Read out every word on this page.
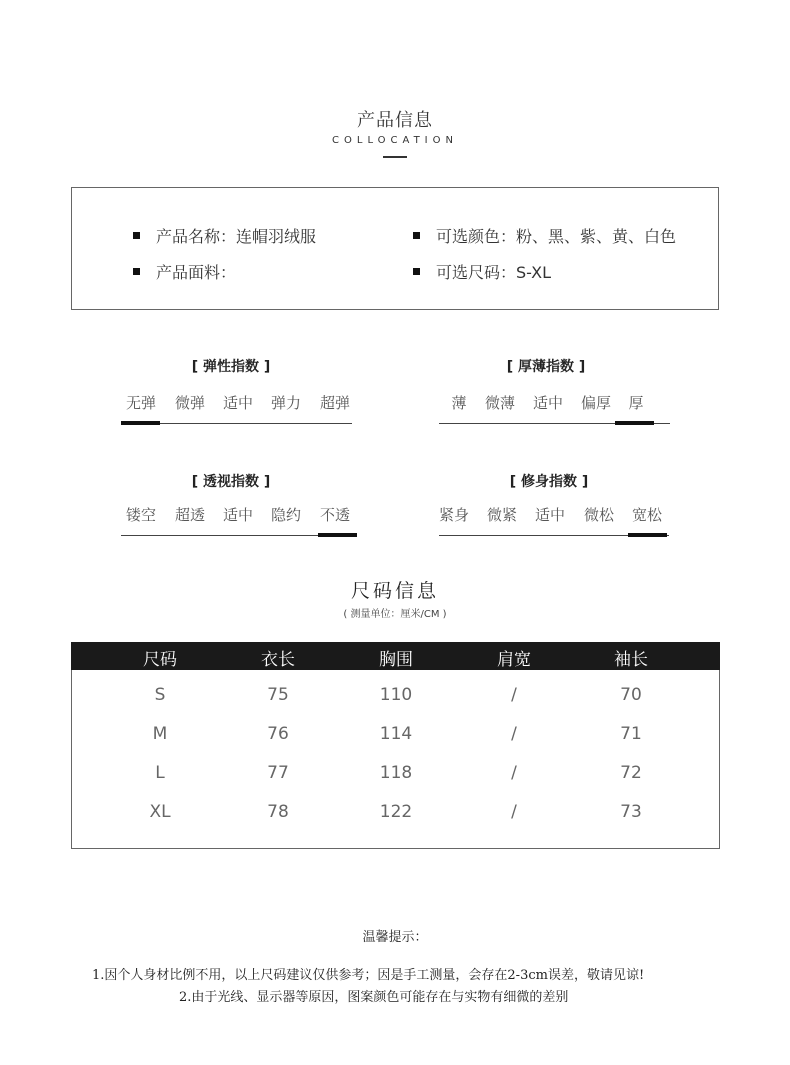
产品信息
COLLOCATION
产品名称：连帽羽绒服
产品面料：
可选颜色：粉、黑、紫、黄、白色
可选尺码：S-XL
[ 弹性指数 ]
无弹	微弹	适中	弹力	超弹
[ 厚薄指数 ]
薄	微薄	适中	偏厚	厚
[ 透视指数 ]
镂空	超透	适中	隐约	不透
[ 修身指数 ]
紧身	微紧	适中	微松	宽松
尺码信息
( 测量单位：厘米/CM )
尺码	衣长	胸围	肩宽	袖长
S	75	110	/	70
M	76	114	/	71
L	77	118	/	72
XL	78	122	/	73
温馨提示：
1.因个人身材比例不用，以上尺码建议仅供参考；因是手工测量，会存在2-3cm误差，敬请见谅!
2.由于光线、显示器等原因，图案颜色可能存在与实物有细微的差别
